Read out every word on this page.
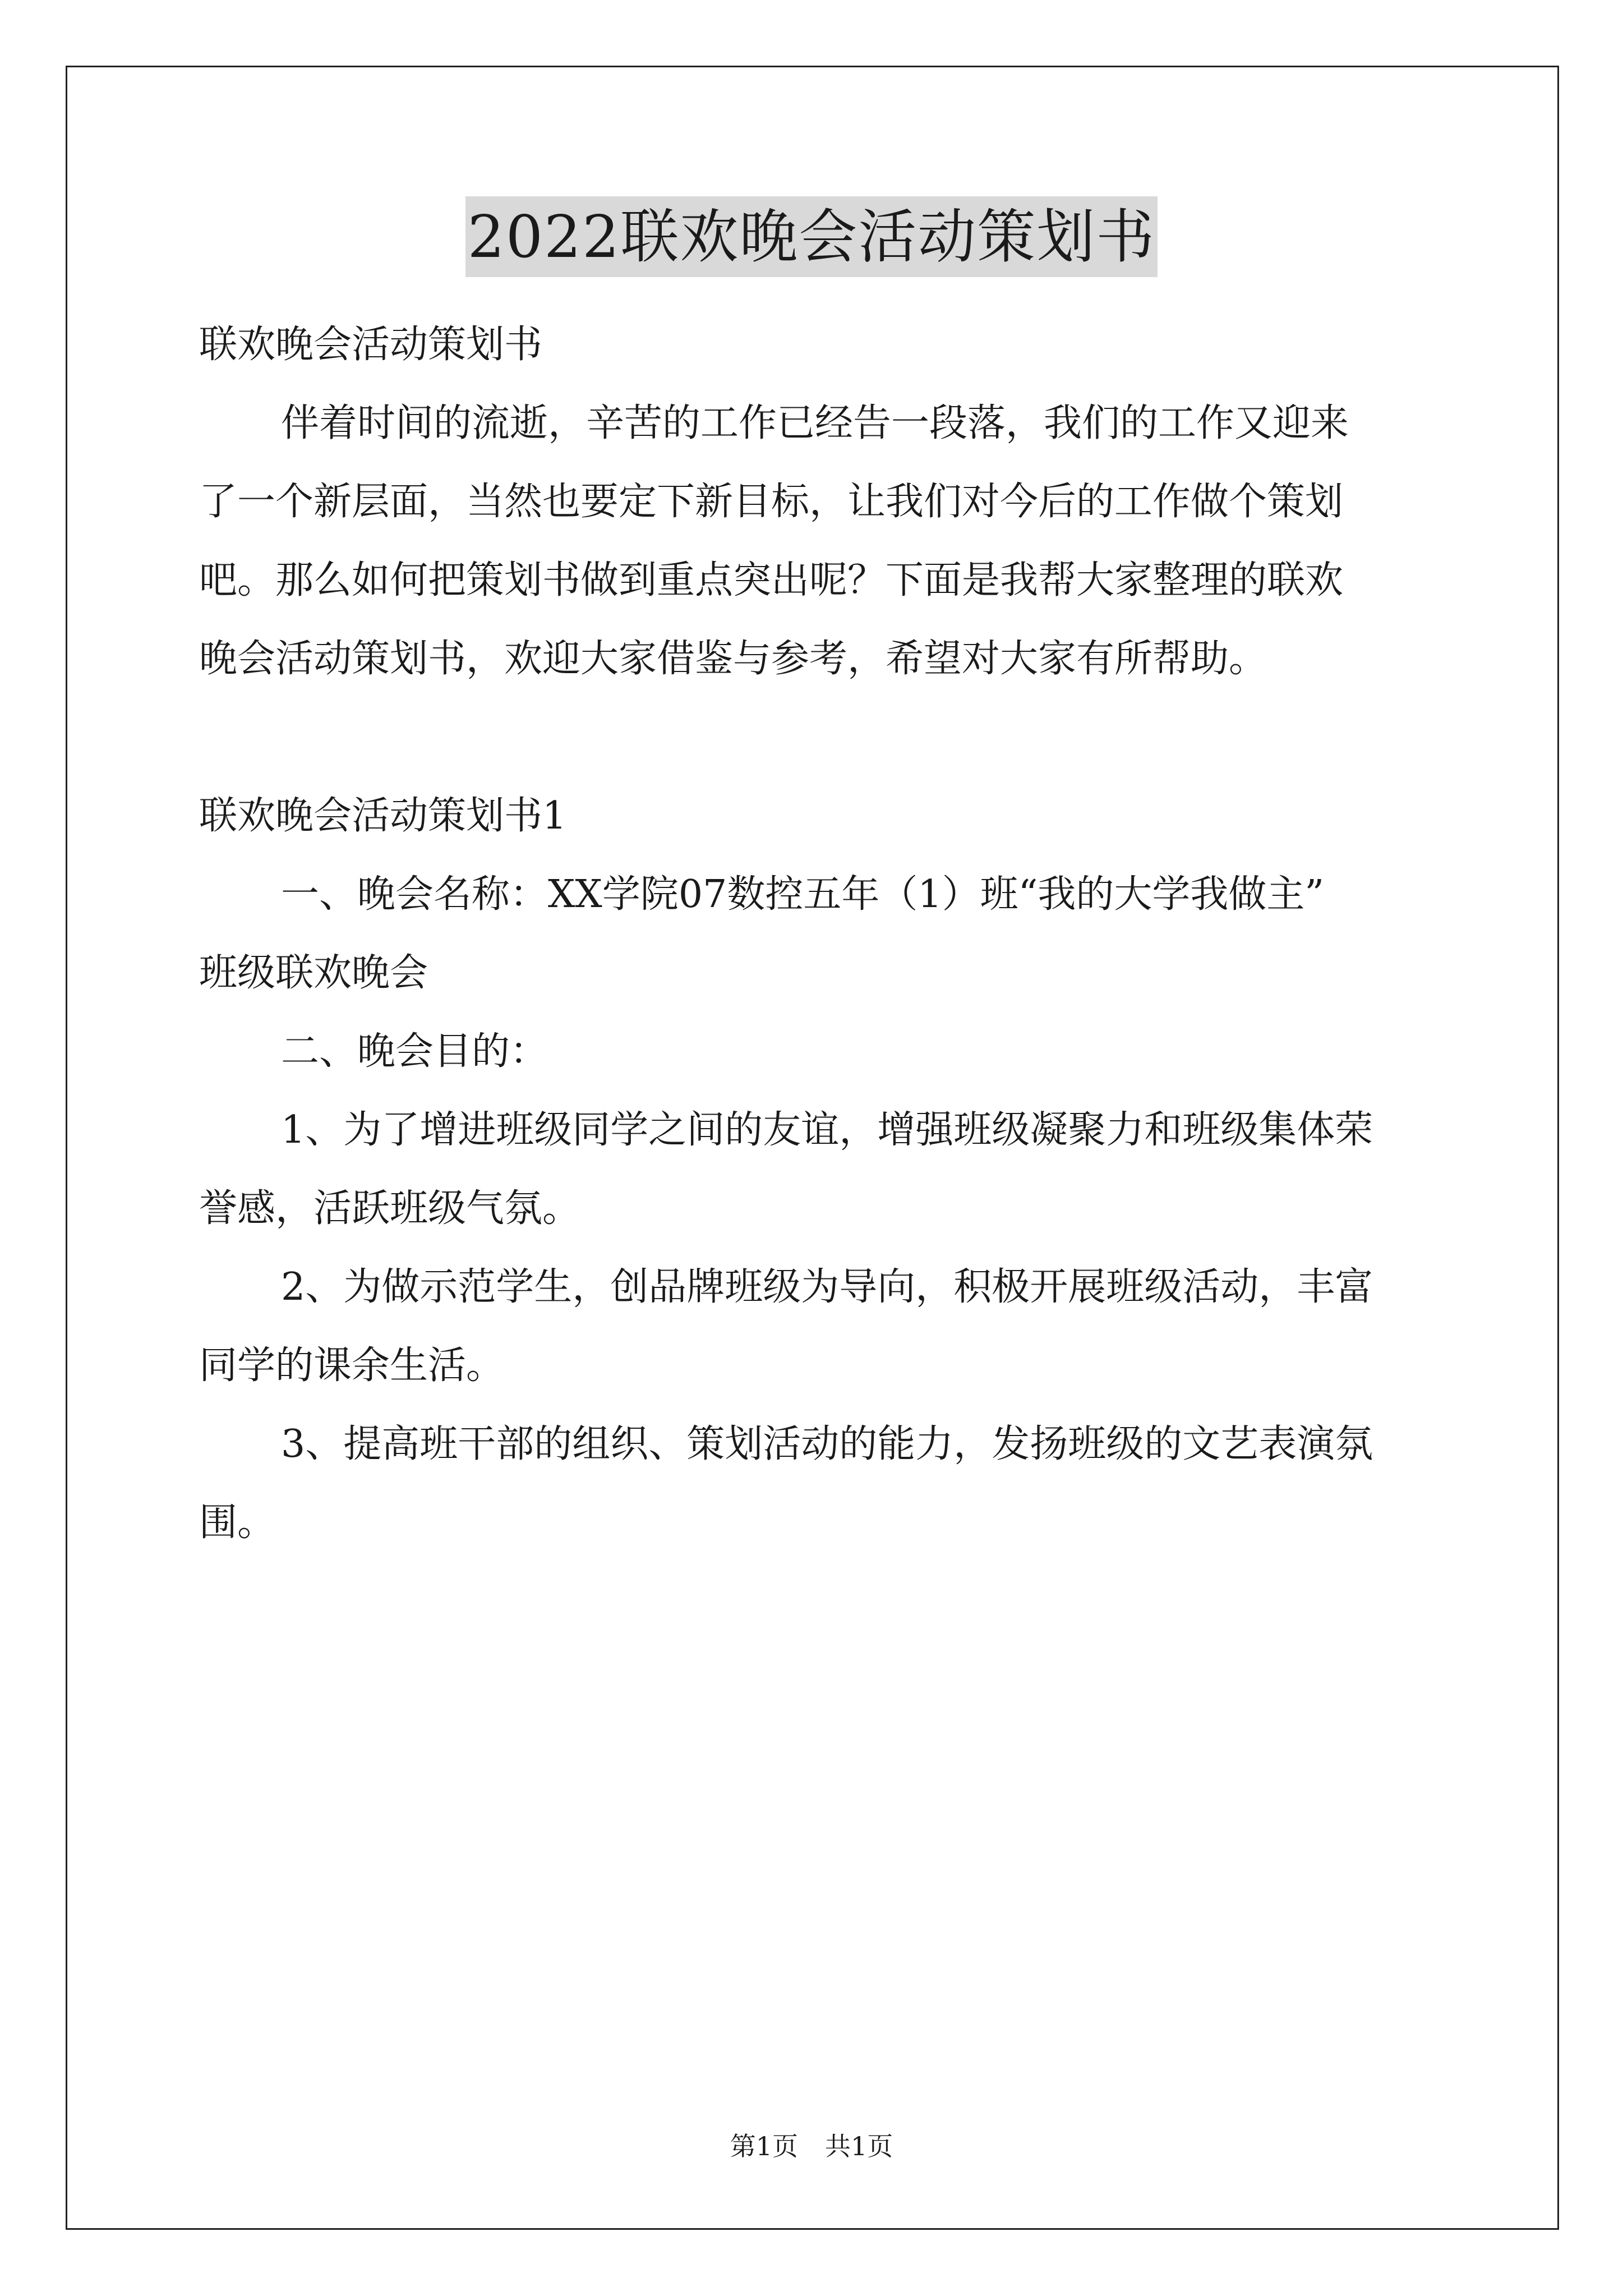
2022联欢晚会活动策划书

联欢晚会活动策划书

伴着时间的流逝，辛苦的工作已经告一段落，我们的工作又迎来

了一个新层面，当然也要定下新目标，让我们对今后的工作做个策划

吧。那么如何把策划书做到重点突出呢？下面是我帮大家整理的联欢

晚会活动策划书，欢迎大家借鉴与参考，希望对大家有所帮助。

联欢晚会活动策划书1

一、晚会名称：XX学院07数控五年（1）班“我的大学我做主”

班级联欢晚会

二、晚会目的：

1、为了增进班级同学之间的友谊，增强班级凝聚力和班级集体荣

誉感，活跃班级气氛。

2、为做示范学生，创品牌班级为导向，积极开展班级活动，丰富

同学的课余生活。

3、提高班干部的组织、策划活动的能力，发扬班级的文艺表演氛

围。

第1页 共1页
